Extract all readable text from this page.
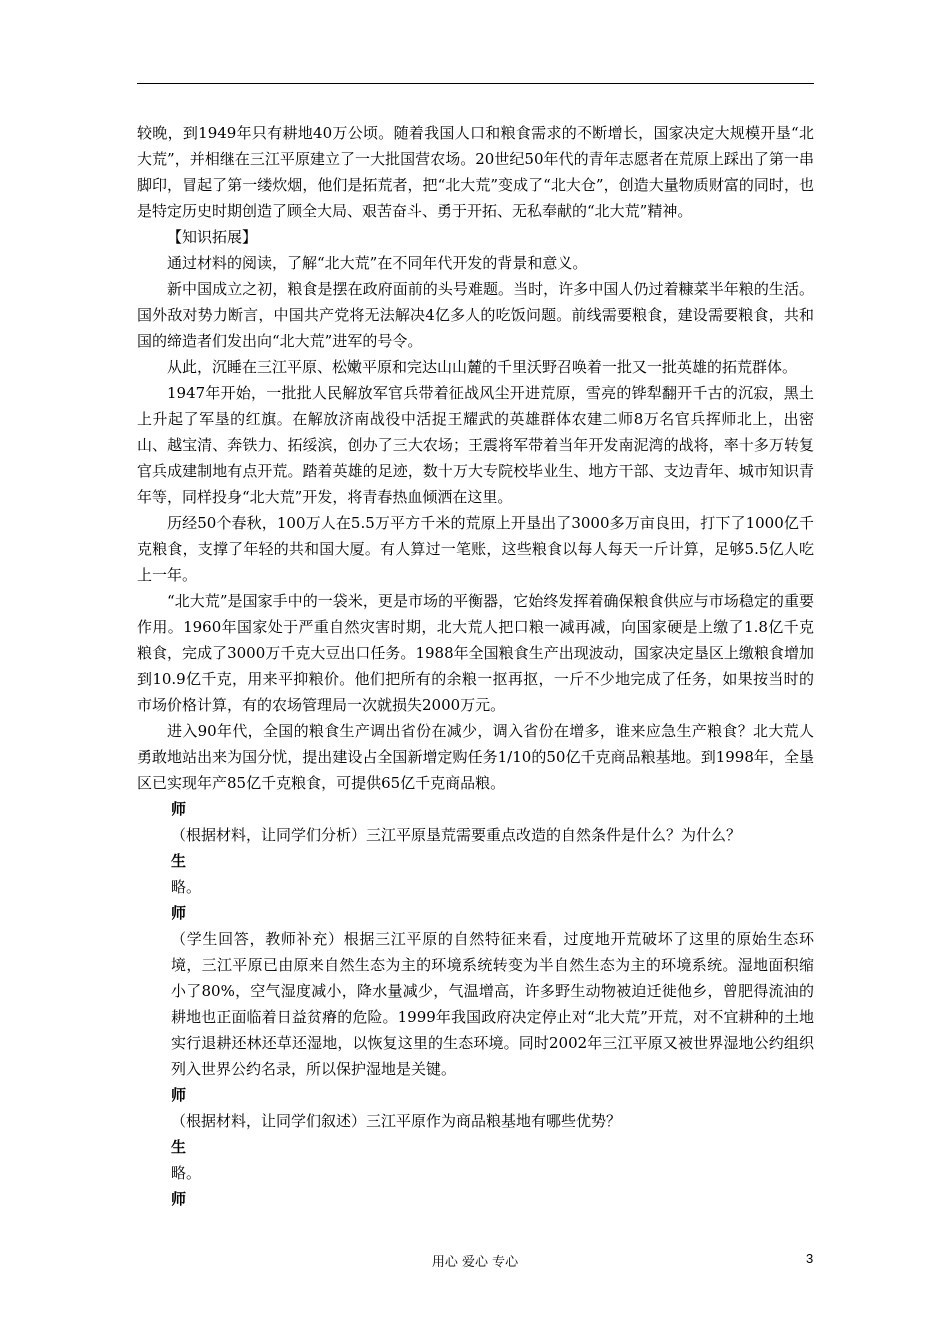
较晚，到1949年只有耕地40万公顷。随着我国人口和粮食需求的不断增长，国家决定大规模开垦“北大荒”，并相继在三江平原建立了一大批国营农场。20世纪50年代的青年志愿者在荒原上踩出了第一串脚印，冒起了第一缕炊烟，他们是拓荒者，把“北大荒”变成了“北大仓”，创造大量物质财富的同时，也是特定历史时期创造了顾全大局、艰苦奋斗、勇于开拓、无私奉献的“北大荒”精神。

【知识拓展】

通过材料的阅读，了解“北大荒”在不同年代开发的背景和意义。

新中国成立之初，粮食是摆在政府面前的头号难题。当时，许多中国人仍过着糠菜半年粮的生活。国外敌对势力断言，中国共产党将无法解决4亿多人的吃饭问题。前线需要粮食，建设需要粮食，共和国的缔造者们发出向“北大荒”进军的号令。

从此，沉睡在三江平原、松嫩平原和完达山山麓的千里沃野召唤着一批又一批英雄的拓荒群体。

1947年开始，一批批人民解放军官兵带着征战风尘开进荒原，雪亮的铧犁翻开千古的沉寂，黑土上升起了军垦的红旗。在解放济南战役中活捉王耀武的英雄群体农建二师8万名官兵挥师北上，出密山、越宝清、奔铁力、拓绥滨，创办了三大农场；王震将军带着当年开发南泥湾的战将，率十多万转复官兵成建制地有点开荒。踏着英雄的足迹，数十万大专院校毕业生、地方干部、支边青年、城市知识青年等，同样投身“北大荒”开发，将青春热血倾洒在这里。

历经50个春秋，100万人在5.5万平方千米的荒原上开垦出了3000多万亩良田，打下了1000亿千克粮食，支撑了年轻的共和国大厦。有人算过一笔账，这些粮食以每人每天一斤计算，足够5.5亿人吃上一年。

“北大荒”是国家手中的一袋米，更是市场的平衡器，它始终发挥着确保粮食供应与市场稳定的重要作用。1960年国家处于严重自然灾害时期，北大荒人把口粮一减再减，向国家硬是上缴了1.8亿千克粮食，完成了3000万千克大豆出口任务。1988年全国粮食生产出现波动，国家决定垦区上缴粮食增加到10.9亿千克，用来平抑粮价。他们把所有的余粮一抠再抠，一斤不少地完成了任务，如果按当时的市场价格计算，有的农场管理局一次就损失2000万元。

进入90年代，全国的粮食生产调出省份在减少，调入省份在增多，谁来应急生产粮食？北大荒人勇敢地站出来为国分忧，提出建设占全国新增定购任务1/10的50亿千克商品粮基地。到1998年，全垦区已实现年产85亿千克粮食，可提供65亿千克商品粮。

师

（根据材料，让同学们分析）三江平原垦荒需要重点改造的自然条件是什么？为什么？

生

略。

师

（学生回答，教师补充）根据三江平原的自然特征来看，过度地开荒破坏了这里的原始生态环境，三江平原已由原来自然生态为主的环境系统转变为半自然生态为主的环境系统。湿地面积缩小了80%，空气湿度减小，降水量减少，气温增高，许多野生动物被迫迁徙他乡，曾肥得流油的耕地也正面临着日益贫瘠的危险。1999年我国政府决定停止对“北大荒”开荒，对不宜耕种的土地实行退耕还林还草还湿地，以恢复这里的生态环境。同时2002年三江平原又被世界湿地公约组织列入世界公约名录，所以保护湿地是关键。

师

（根据材料，让同学们叙述）三江平原作为商品粮基地有哪些优势？

生

略。

师

用心 爱心 专心	3
